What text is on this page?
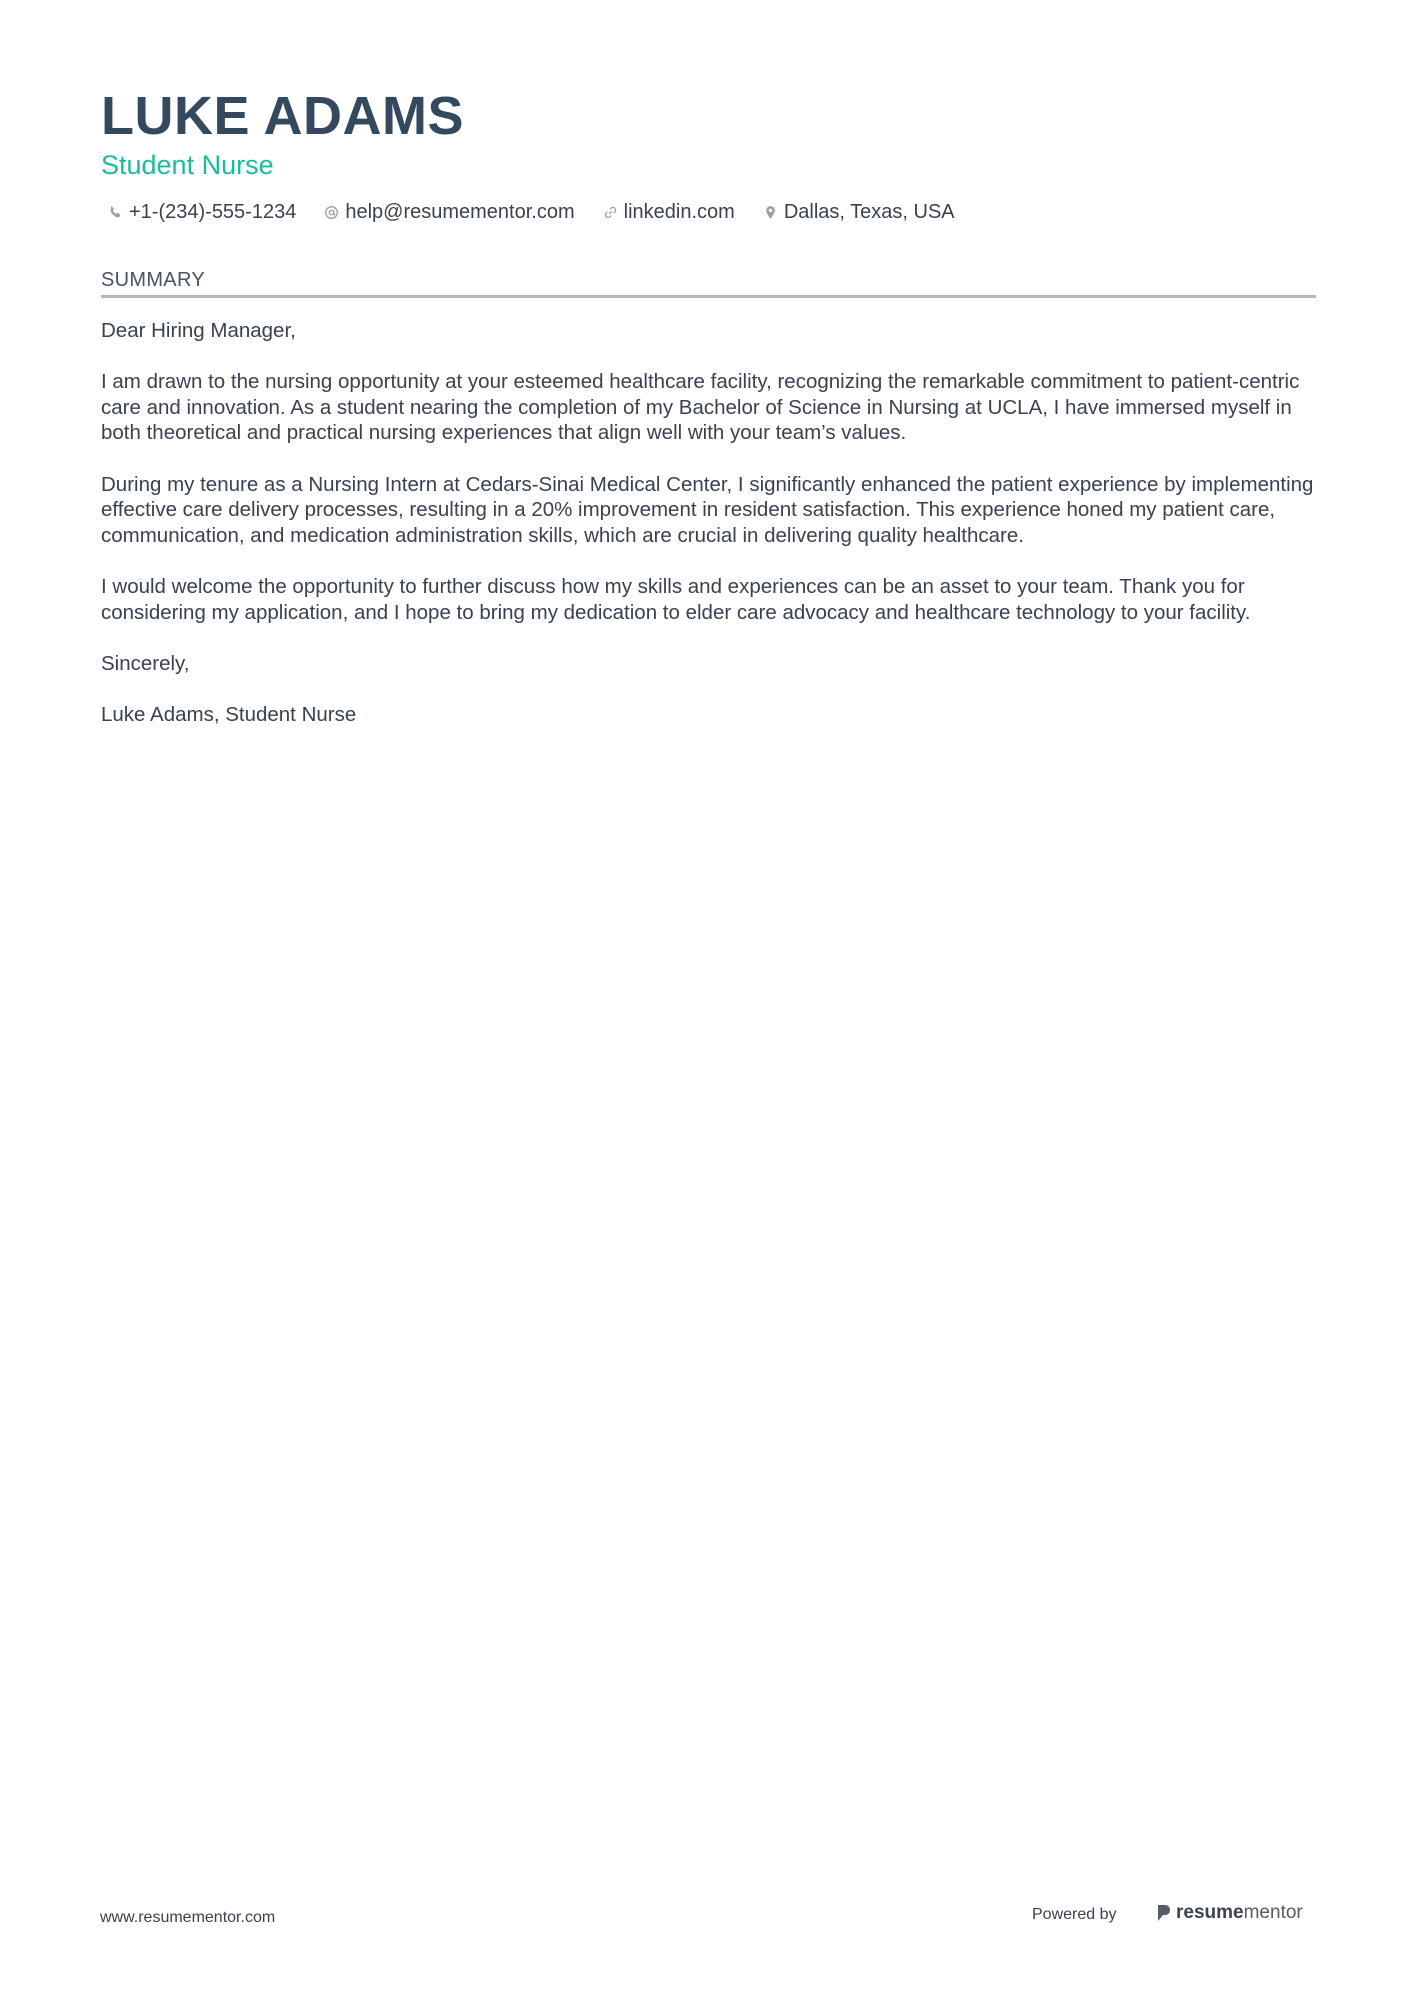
LUKE ADAMS
Student Nurse
+1-(234)-555-1234 help@resumementor.com linkedin.com Dallas, Texas, USA
SUMMARY

Dear Hiring Manager,

I am drawn to the nursing opportunity at your esteemed healthcare facility, recognizing the remarkable commitment to patient-centric care and innovation. As a student nearing the completion of my Bachelor of Science in Nursing at UCLA, I have immersed myself in both theoretical and practical nursing experiences that align well with your team’s values.

During my tenure as a Nursing Intern at Cedars-Sinai Medical Center, I significantly enhanced the patient experience by implementing effective care delivery processes, resulting in a 20% improvement in resident satisfaction. This experience honed my patient care, communication, and medication administration skills, which are crucial in delivering quality healthcare.

I would welcome the opportunity to further discuss how my skills and experiences can be an asset to your team. Thank you for considering my application, and I hope to bring my dedication to elder care advocacy and healthcare technology to your facility.

Sincerely,

Luke Adams, Student Nurse

www.resumementor.com	Powered by	resume mentor
